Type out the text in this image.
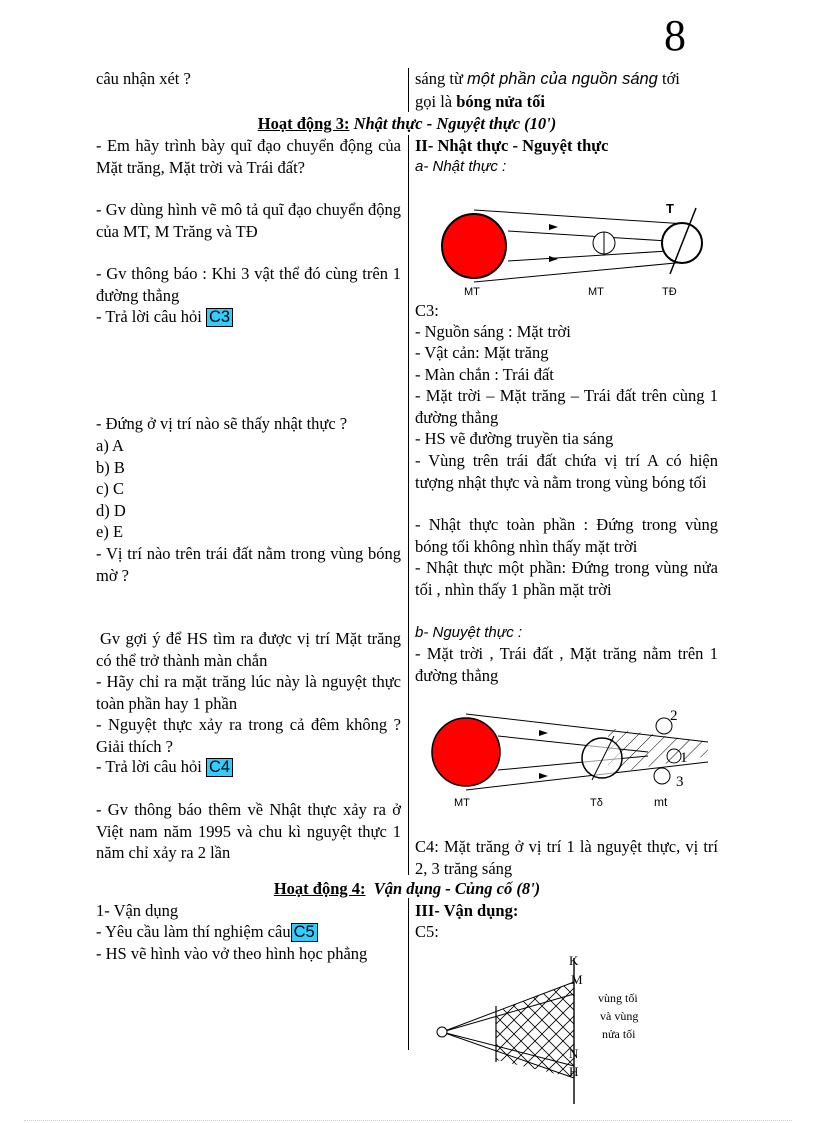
8
câu nhận xét ?	sáng từ một phần của nguồn sáng tới
gọi là bóng nửa tối
Hoạt động 3: Nhật thực - Nguyệt thực (10')
- Em hãy trình bày quĩ đạo chuyển động của Mặt trăng, Mặt trời và Trái đất?
- Gv dùng hình vẽ mô tả quĩ đạo chuyển động của MT, M Trăng và TĐ
- Gv thông báo : Khi 3 vật thể đó cùng trên 1 đường thẳng
- Trả lời câu hỏi C3
- Đứng ở vị trí nào sẽ thấy nhật thực ?
a) A
b) B
c) C
d) D
e) E
- Vị trí nào trên trái đất nằm trong vùng bóng mờ ?
Gv gợi ý để HS tìm ra được vị trí Mặt trăng có thể trở thành màn chắn
- Hãy chỉ ra mặt trăng lúc này là nguyệt thực toàn phần hay 1 phần
- Nguyệt thực xảy ra trong cả đêm không ? Giải thích ?
- Trả lời câu hỏi C4
- Gv thông báo thêm về Nhật thực xảy ra ở Việt nam năm 1995 và chu kì nguyệt thực 1 năm chỉ xảy ra 2 lần
II- Nhật thực - Nguyệt thực
a- Nhật thực :
T
MT	MT	TĐ
C3:
- Nguồn sáng : Mặt trời
- Vật cản: Mặt trăng
- Màn chắn : Trái đất
- Mặt trời – Mặt trăng – Trái đất trên cùng 1 đường thẳng
- HS vẽ đường truyền tia sáng
- Vùng trên trái đất chứa vị trí A có hiện tượng nhật thực và nằm trong vùng bóng tối
- Nhật thực toàn phần : Đứng trong vùng bóng tối không nhìn thấy mặt trời
- Nhật thực một phần: Đứng trong vùng nửa tối , nhìn thấy 1 phần mặt trời
b- Nguyệt thực :
- Mặt trời , Trái đất , Mặt trăng nằm trên 1 đường thẳng
2
1
3
MT	Tδ	mt
C4: Mặt trăng ở vị trí 1 là nguyệt thực, vị trí 2, 3 trăng sáng
Hoạt động 4: Vận dụng - Củng cố (8')
1- Vận dụng
- Yêu cầu làm thí nghiệm câu C5
- HS vẽ hình vào vở theo hình học phẳng
III- Vận dụng:
C5:
K
M
N
H
vùng tối
và vùng
nửa tối
